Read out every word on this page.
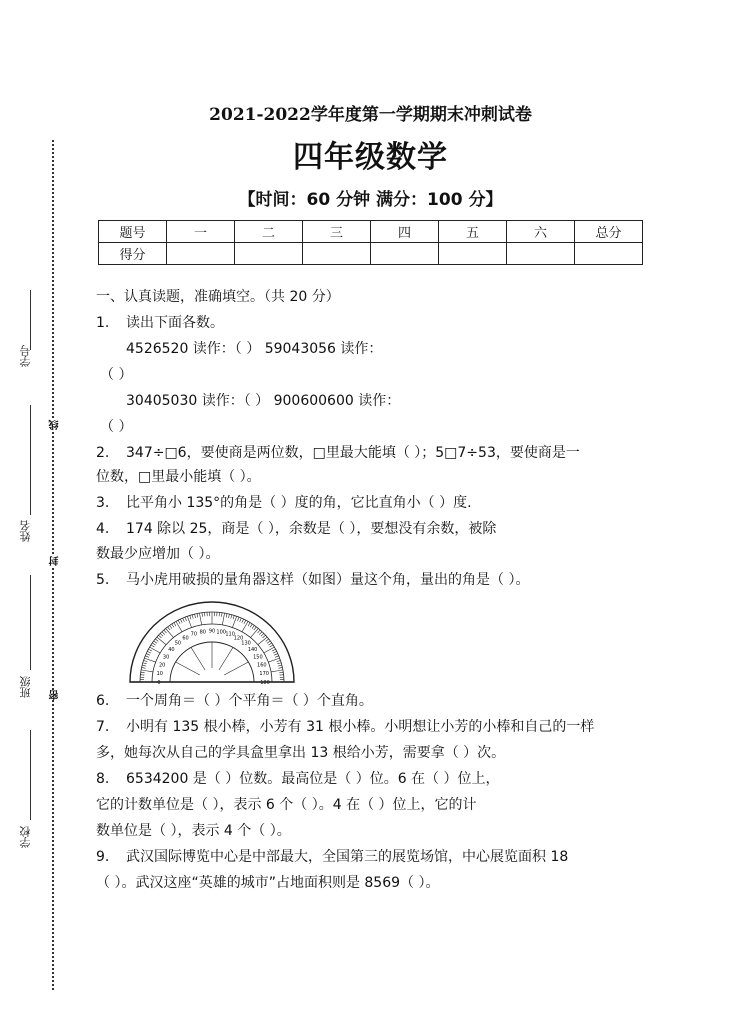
学号
姓名
班级
学校
线
封
密
2021-2022学年度第一学期期末冲刺试卷
四年级数学
【时间：60 分钟 满分：100 分】
题号	一	二	三	四	五	六	总分
得分							
一、认真读题，准确填空。（共 20 分）
1. 读出下面各数。
4526520 读作：（ ） 59043056 读作：
（ ）
30405030 读作：（ ） 900600600 读作：
（ ）
2. 347÷□6，要使商是两位数，□里最大能填（ ）；5□7÷53，要使商是一
位数，□里最小能填（ ）。
3. 比平角小 135°的角是（ ）度的角，它比直角小（ ）度.
4. 174 除以 25，商是（ ），余数是（ ），要想没有余数，被除
数最少应增加（ ）。
5. 马小虎用破损的量角器这样（如图）量这个角，量出的角是（ ）。
0
10
20
30
40
50
60
70 80 90 100 110
120
130
140
150
160
170
180
6. 一个周角＝（ ）个平角＝（ ）个直角。
7. 小明有 135 根小棒，小芳有 31 根小棒。小明想让小芳的小棒和自己的一样
多，她每次从自己的学具盒里拿出 13 根给小芳，需要拿（ ）次。
8. 6534200 是（ ）位数。最高位是（ ）位。6 在（ ）位上，
它的计数单位是（ ），表示 6 个（ ）。4 在（ ）位上，它的计
数单位是（ ），表示 4 个（ ）。
9. 武汉国际博览中心是中部最大，全国第三的展览场馆，中心展览面积 18
（ ）。武汉这座“英雄的城市”占地面积则是 8569（ ）。
